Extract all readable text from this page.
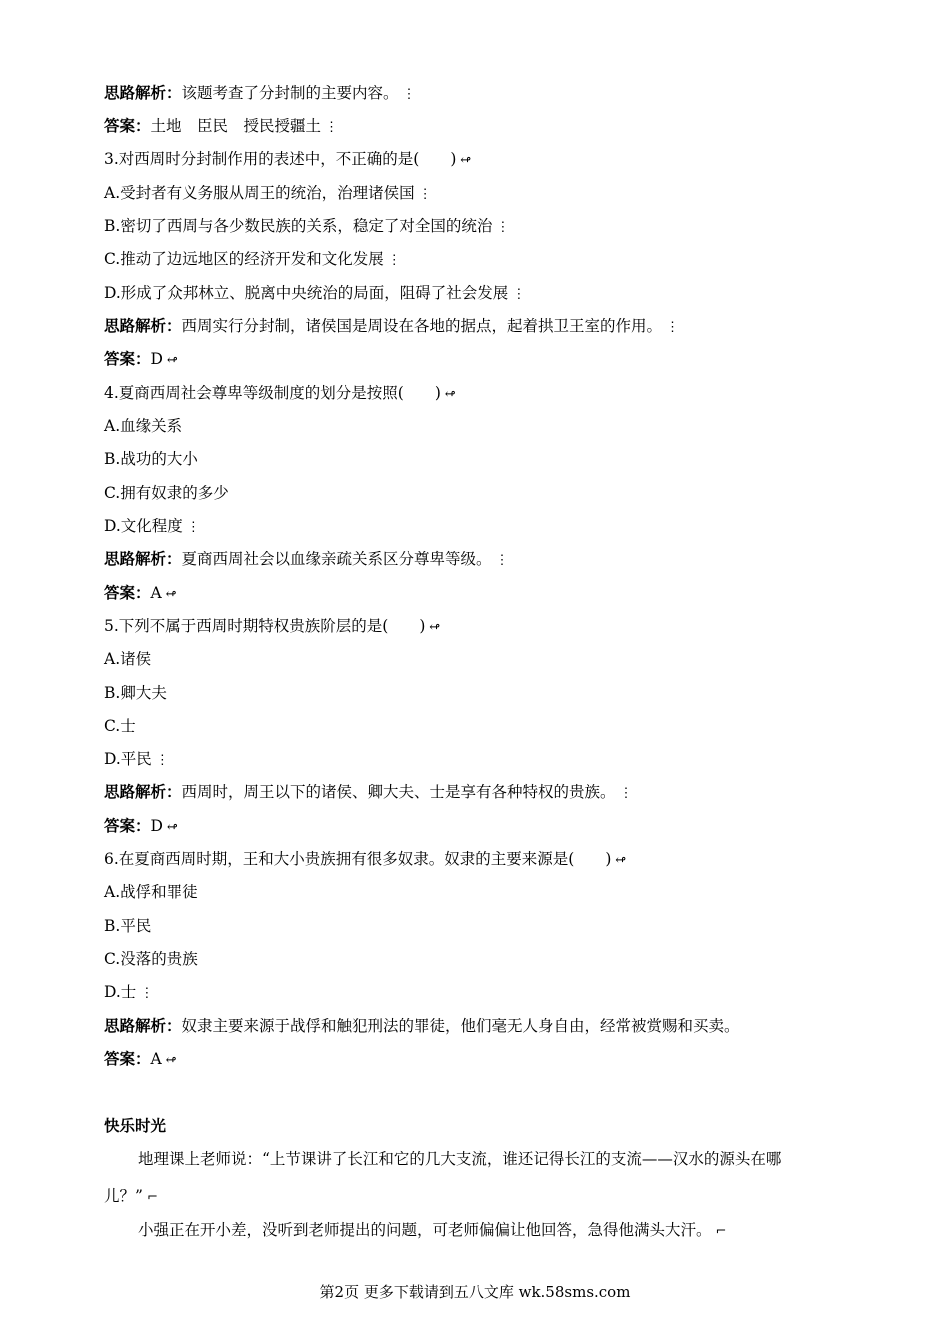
思路解析：该题考查了分封制的主要内容。 ⋮
答案：土地　臣民　授民授疆土 ⋮
3.对西周时分封制作用的表述中，不正确的是(　　) ↫
A.受封者有义务服从周王的统治，治理诸侯国 ⋮
B.密切了西周与各少数民族的关系，稳定了对全国的统治 ⋮
C.推动了边远地区的经济开发和文化发展 ⋮
D.形成了众邦林立、脱离中央统治的局面，阻碍了社会发展 ⋮
思路解析：西周实行分封制，诸侯国是周设在各地的据点，起着拱卫王室的作用。 ⋮
答案：D ↫
4.夏商西周社会尊卑等级制度的划分是按照(　　) ↫
A.血缘关系
B.战功的大小
C.拥有奴隶的多少
D.文化程度 ⋮
思路解析：夏商西周社会以血缘亲疏关系区分尊卑等级。 ⋮
答案：A ↫
5.下列不属于西周时期特权贵族阶层的是(　　) ↫
A.诸侯
B.卿大夫
C.士
D.平民 ⋮
思路解析：西周时，周王以下的诸侯、卿大夫、士是享有各种特权的贵族。 ⋮
答案：D ↫
6.在夏商西周时期，王和大小贵族拥有很多奴隶。奴隶的主要来源是(　　) ↫
A.战俘和罪徒
B.平民
C.没落的贵族
D.士 ⋮
思路解析：奴隶主要来源于战俘和触犯刑法的罪徒，他们毫无人身自由，经常被赏赐和买卖。
答案：A ↫
快乐时光
地理课上老师说：“上节课讲了长江和它的几大支流，谁还记得长江的支流——汉水的源头在哪
儿？” ⌐
小强正在开小差，没听到老师提出的问题，可老师偏偏让他回答，急得他满头大汗。 ⌐
第2页 更多下载请到五八文库 wk.58sms.com
